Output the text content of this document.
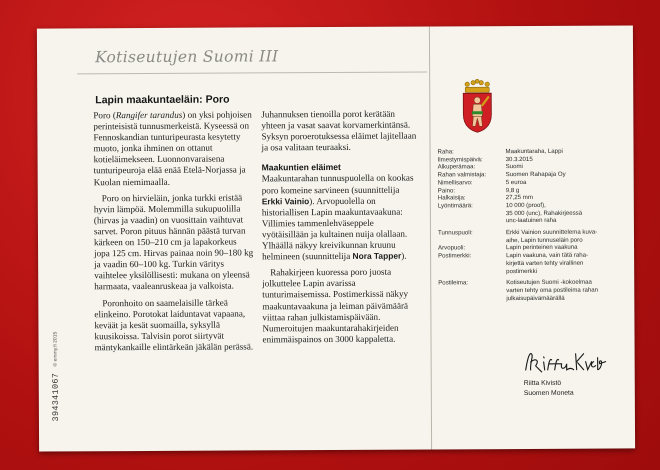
Kotiseutujen Suomi III
Lapin maakuntaeläin: Poro

Poro (Rangifer tarandus) on yksi pohjoisen perinteisistä tunnusmerkeistä. Kyseessä on Fennoskandian tunturipeurasta kesytetty muoto, jonka ihminen on ottanut kotieläimekseen. Luonnonvaraisena tunturipeuroja elää enää Etelä-Norjassa ja Kuolan niemimaalla.

Poro on hirvieläin, jonka turkki eristää hyvin lämpöä. Molemmilla sukupuolilla (hirvas ja vaadin) on vuosittain vaihtuvat sarvet. Poron pituus hännän päästä turvan kärkeen on 150–210 cm ja lapakorkeus jopa 125 cm. Hirvas painaa noin 90–180 kg ja vaadin 60–100 kg. Turkin väritys vaihtelee yksilöllisesti: mukana on yleensä harmaata, vaaleanruskeaa ja valkoista.

Poronhoito on saamelaisille tärkeä elinkeino. Porotokat laiduntavat vapaana, keväät ja kesät suomailla, syksyllä kuusikoissa. Talvisin porot siirtyvät mäntykankaille elintärkeän jäkälän perässä.

Juhannuksen tienoilla porot kerätään yhteen ja vasat saavat korvamerkintänsä. Syksyn poroerotuksessa eläimet lajitellaan ja osa valitaan teuraaksi.

Maakuntien eläimet

Maakuntarahan tunnuspuolella on kookas poro komeine sarvineen (suunnittelija Erkki Vainio). Arvopuolella on historiallisen Lapin maakuntavaakuna: Villimies tammenlehväseppele vyötäisillään ja kultainen nuija olallaan. Ylhäällä näkyy kreivikunnan kruunu helmineen (suunnittelija Nora Tapper).

Rahakirjeen kuoressa poro juosta jolkuttelee Lapin avarissa tunturimaisemissa. Postimerkissä näkyy maakuntavaakuna ja leiman päivämäärä viittaa rahan julkistamispäivään. Numeroitujen maakuntarahakirjeiden enimmäispainos on 3000 kappaletta.

© emmy.fi 2015
394341067
Raha:	Maakuntaraha, Lappi
Ilmestymispäivä:	30.3.2015
Alkuperämaa:	Suomi
Rahan valmistaja:	Suomen Rahapaja Oy
Nimellisarvo:	5 euroa
Paino:	9,8 g
Halkaisija:	27,25 mm
Lyöntimäärä:	10 000 (proof),
35 000 (unc), Rahakirjeessä
unc-laatuinen raha
Tunnuspuoli:	Erkki Vainion suunnittelema kuva-
aihe, Lapin tunnuseläin poro
Arvopuoli:	Lapin perinteinen vaakuna
Postimerkki:	Lapin vaakuna, vain tätä raha-
kirjettä varten tehty virallinen
postimerkki
Postileima:	Kotiseutujen Suomi -kokoelmaa
varten tehty oma postileima rahan
julkaisupäivämäärällä
Riitta Kivistö
Suomen Moneta
